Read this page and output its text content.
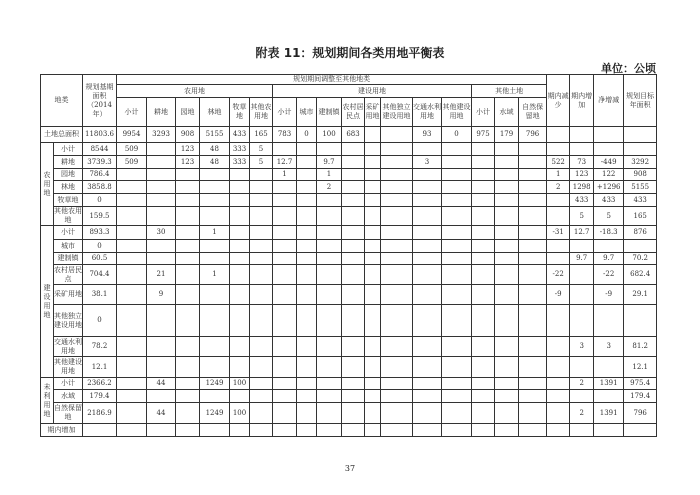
附表 11：规划期间各类用地平衡表
单位：公顷
地类		规划基期面积（2014年）	规划期间调整至其他地类																	期内减少	期内增加	净增减	规划目标年面积
			农用地						建设用地								其他土地						
			小计	耕地	园地	林地	牧草地	其他农用地	小计	城市	建制镇	农村居民点	采矿用地	其他独立建设用地	交通水利用地	其他建设用地	小计	水域	自然保留地				
土地总面积		11803.6	9954	3293	908	5155	433	165	783	0	100	683			93	0	975	179	796				
农用地	小计	8544	509		123	48	333	5															
	耕地	3739.3	509		123	48	333	5	12.7		9.7				3					522	73	-449	3292
	园地	786.4							1		1									1	123	122	908
	林地	3858.8									2									2	1298	+1296	5155
	牧草地	0																			433	433	433
	其他农用地	159.5																			5	5	165
建设用地	小计	893.3		30		1														-31	12.7	-18.3	876
	城市	0																					
	建制镇	60.5																			9.7	9.7	70.2
	农村居民点	704.4		21		1														-22		-22	682.4
	采矿用地	38.1		9																-9		-9	29.1
	其他独立建设用地	0																					
	交通水利用地	78.2																			3	3	81.2
	其他建设用地	12.1																					12.1
未利用地	小计	2366.2		44		1249	100														2	1391	975.4
	水域	179.4																					179.4
	自然保留地	2186.9		44		1249	100														2	1391	796
期内增加																							
37
